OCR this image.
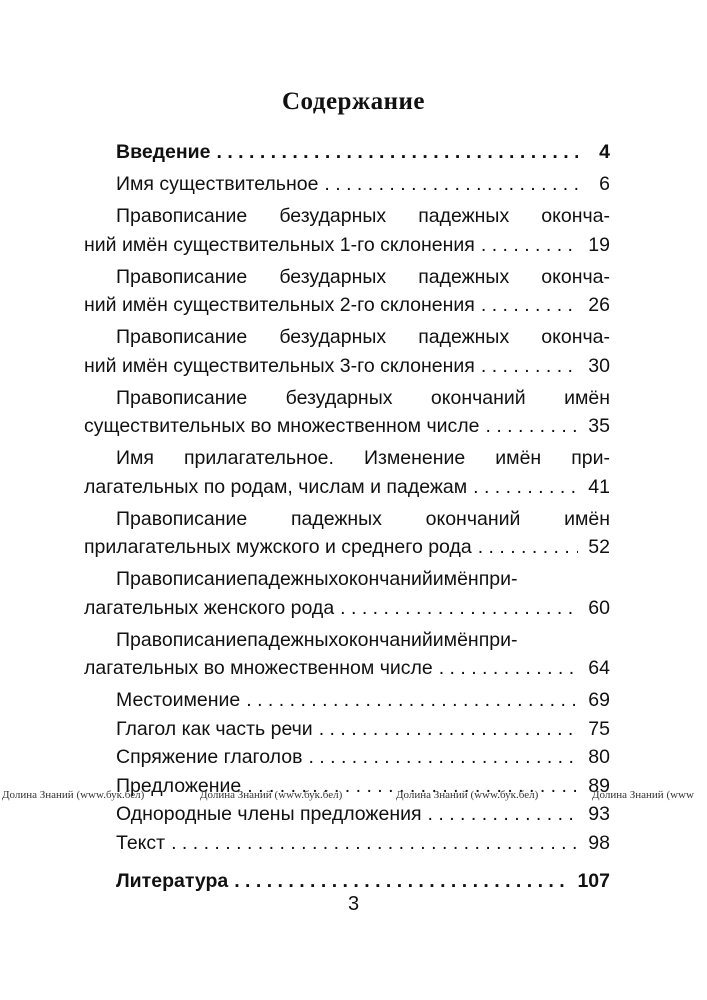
Содержание
Введение . . .	4
Имя существительное . . .	6
Правописание безударных падежных оконча-
ний имён существительных 1-го склонения . . .	19
Правописание безударных падежных оконча-
ний имён существительных 2-го склонения . . .	26
Правописание безударных падежных оконча-
ний имён существительных 3-го склонения . . .	30
Правописание безударных окончаний имён
существительных во множественном числе . . .	35
Имя прилагательное. Изменение имён при-
лагательных по родам, числам и падежам . . .	41
Правописание падежных окончаний имён
прилагательных мужского и среднего рода . . .	52
Правописаниепадежныхокончанийимёнпри-
лагательных женского рода . . .	60
Правописаниепадежныхокончанийимёнпри-
лагательных во множественном числе . . .	64
Местоимение . . .	69
Глагол как часть речи . . .	75
Спряжение глаголов . . .	80
Предложение . . .	89
Однородные члены предложения . . .	93
Текст . . .	98
Литература . . .	107
Долина Знаний (www.бук.бел)	Долина Знаний (www.бук.бел)	Долина Знаний (www.бук.бел)	Долина Знаний (www
3
